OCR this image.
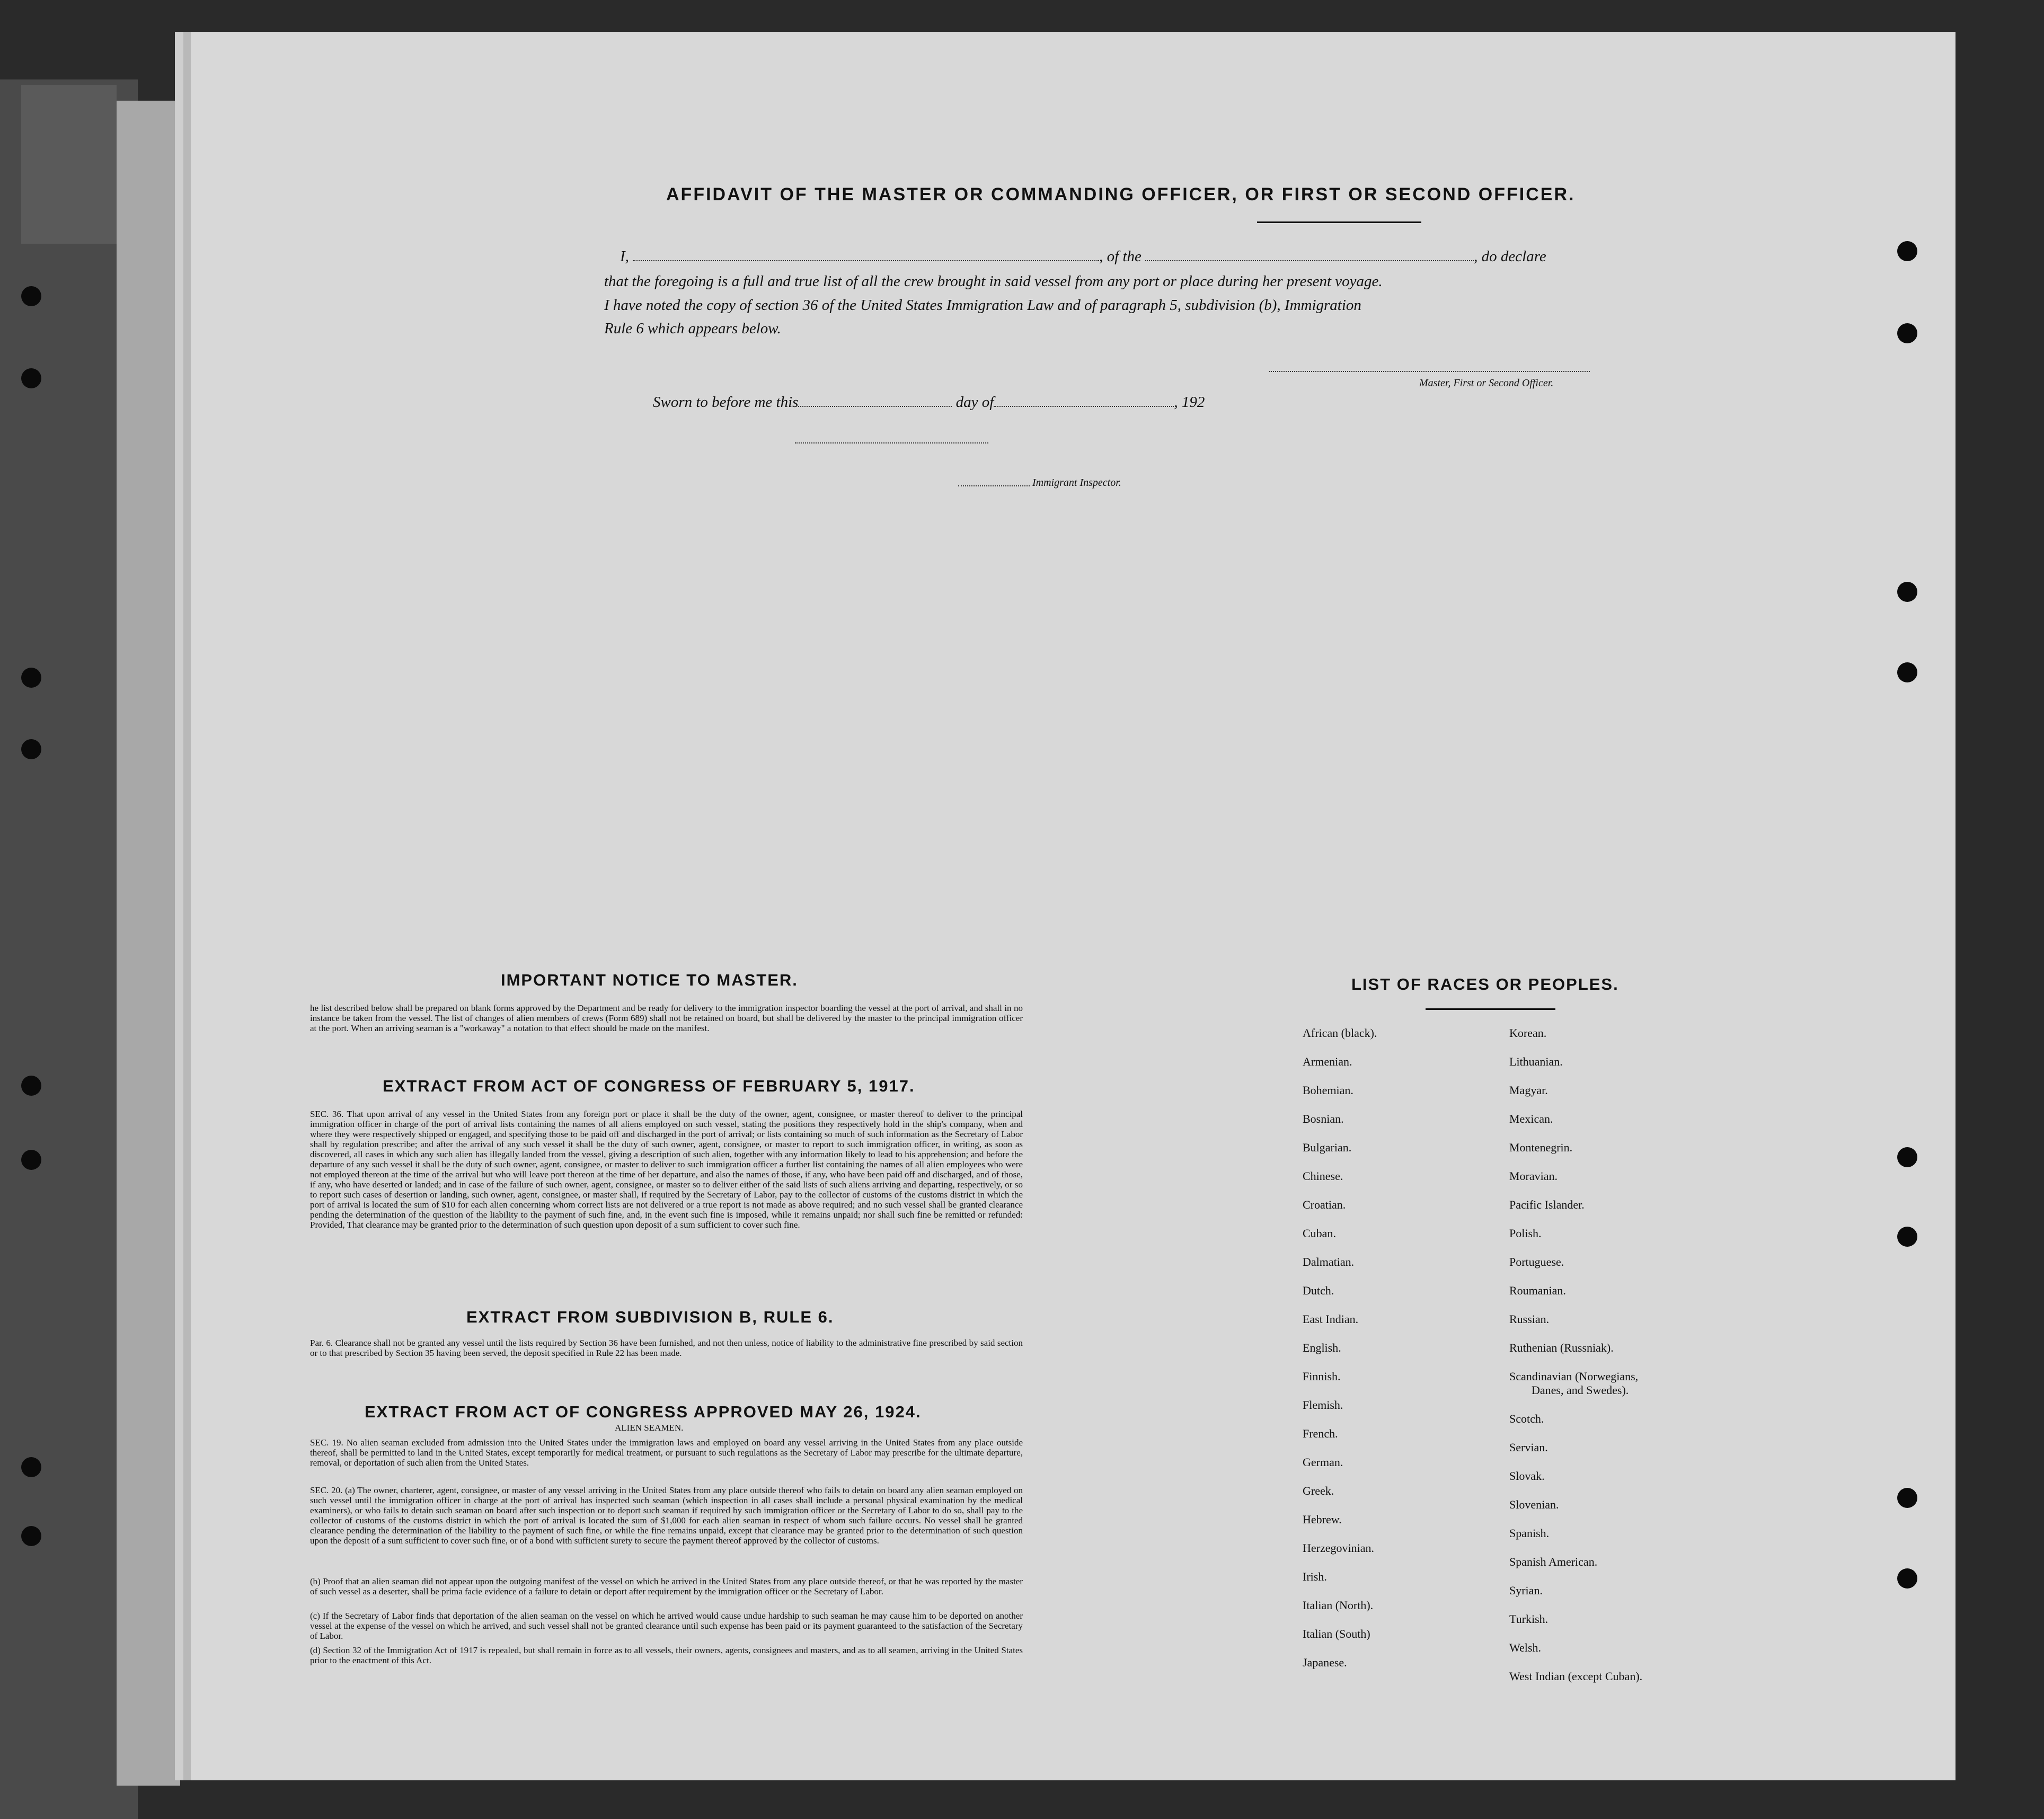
AFFIDAVIT OF THE MASTER OR COMMANDING OFFICER, OR FIRST OR SECOND OFFICER.
I,	, of the	, do declare
that the foregoing is a full and true list of all the crew brought in said vessel from any port or place during her present voyage.
I have noted the copy of section 36 of the United States Immigration Law and of paragraph 5, subdivision (b), Immigration
Rule 6 which appears below.
Master, First or Second Officer.
Sworn to before me this	day of	, 192
Immigrant Inspector.
IMPORTANT NOTICE TO MASTER.
he list described below shall be prepared on blank forms approved by the Department and be ready for delivery to the immigration inspector boarding the vessel at the port of arrival, and shall in no instance be taken from the vessel. The list of changes of alien members of crews (Form 689) shall not be retained on board, but shall be delivered by the master to the principal immigration officer at the port. When an arriving seaman is a "workaway" a notation to that effect should be made on the manifest.
EXTRACT FROM ACT OF CONGRESS OF FEBRUARY 5, 1917.
SEC. 36. That upon arrival of any vessel in the United States from any foreign port or place it shall be the duty of the owner, agent, consignee, or master thereof to deliver to the principal immigration officer in charge of the port of arrival lists containing the names of all aliens employed on such vessel, stating the positions they respectively hold in the ship's company, when and where they were respectively shipped or engaged, and specifying those to be paid off and discharged in the port of arrival; or lists containing so much of such information as the Secretary of Labor shall by regulation prescribe; and after the arrival of any such vessel it shall be the duty of such owner, agent, consignee, or master to report to such immigration officer, in writing, as soon as discovered, all cases in which any such alien has illegally landed from the vessel, giving a description of such alien, together with any information likely to lead to his apprehension; and before the departure of any such vessel it shall be the duty of such owner, agent, consignee, or master to deliver to such immigration officer a further list containing the names of all alien employees who were not employed thereon at the time of the arrival but who will leave port thereon at the time of her departure, and also the names of those, if any, who have been paid off and discharged, and of those, if any, who have deserted or landed; and in case of the failure of such owner, agent, consignee, or master so to deliver either of the said lists of such aliens arriving and departing, respectively, or so to report such cases of desertion or landing, such owner, agent, consignee, or master shall, if required by the Secretary of Labor, pay to the collector of customs of the customs district in which the port of arrival is located the sum of $10 for each alien concerning whom correct lists are not delivered or a true report is not made as above required; and no such vessel shall be granted clearance pending the determination of the question of the liability to the payment of such fine, and, in the event such fine is imposed, while it remains unpaid; nor shall such fine be remitted or refunded: Provided, That clearance may be granted prior to the determination of such question upon deposit of a sum sufficient to cover such fine.
EXTRACT FROM SUBDIVISION B, RULE 6.
Par. 6. Clearance shall not be granted any vessel until the lists required by Section 36 have been furnished, and not then unless, notice of liability to the administrative fine prescribed by said section or to that prescribed by Section 35 having been served, the deposit specified in Rule 22 has been made.
EXTRACT FROM ACT OF CONGRESS APPROVED MAY 26, 1924.
ALIEN SEAMEN.
SEC. 19. No alien seaman excluded from admission into the United States under the immigration laws and employed on board any vessel arriving in the United States from any place outside thereof, shall be permitted to land in the United States, except temporarily for medical treatment, or pursuant to such regulations as the Secretary of Labor may prescribe for the ultimate departure, removal, or deportation of such alien from the United States.
SEC. 20. (a) The owner, charterer, agent, consignee, or master of any vessel arriving in the United States from any place outside thereof who fails to detain on board any alien seaman employed on such vessel until the immigration officer in charge at the port of arrival has inspected such seaman (which inspection in all cases shall include a personal physical examination by the medical examiners), or who fails to detain such seaman on board after such inspection or to deport such seaman if required by such immigration officer or the Secretary of Labor to do so, shall pay to the collector of customs of the customs district in which the port of arrival is located the sum of $1,000 for each alien seaman in respect of whom such failure occurs. No vessel shall be granted clearance pending the determination of the liability to the payment of such fine, or while the fine remains unpaid, except that clearance may be granted prior to the determination of such question upon the deposit of a sum sufficient to cover such fine, or of a bond with sufficient surety to secure the payment thereof approved by the collector of customs.
(b) Proof that an alien seaman did not appear upon the outgoing manifest of the vessel on which he arrived in the United States from any place outside thereof, or that he was reported by the master of such vessel as a deserter, shall be prima facie evidence of a failure to detain or deport after requirement by the immigration officer or the Secretary of Labor.
(c) If the Secretary of Labor finds that deportation of the alien seaman on the vessel on which he arrived would cause undue hardship to such seaman he may cause him to be deported on another vessel at the expense of the vessel on which he arrived, and such vessel shall not be granted clearance until such expense has been paid or its payment guaranteed to the satisfaction of the Secretary of Labor.
(d) Section 32 of the Immigration Act of 1917 is repealed, but shall remain in force as to all vessels, their owners, agents, consignees and masters, and as to all seamen, arriving in the United States prior to the enactment of this Act.
LIST OF RACES OR PEOPLES.
African (black).
Armenian.
Bohemian.
Bosnian.
Bulgarian.
Chinese.
Croatian.
Cuban.
Dalmatian.
Dutch.
East Indian.
English.
Finnish.
Flemish.
French.
German.
Greek.
Hebrew.
Herzegovinian.
Irish.
Italian (North).
Italian (South)
Japanese.
Korean.
Lithuanian.
Magyar.
Mexican.
Montenegrin.
Moravian.
Pacific Islander.
Polish.
Portuguese.
Roumanian.
Russian.
Ruthenian (Russniak).
Scandinavian (Norwegians,
Danes, and Swedes).
Scotch.
Servian.
Slovak.
Slovenian.
Spanish.
Spanish American.
Syrian.
Turkish.
Welsh.
West Indian (except Cuban).
